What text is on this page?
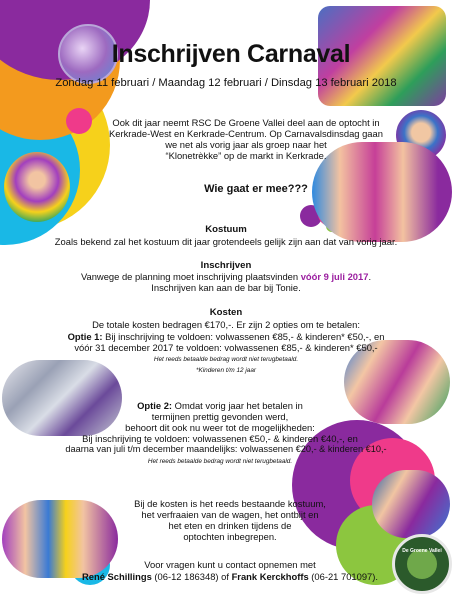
De Groene Vallei
Inschrijven Carnaval
Zondag 11 februari / Maandag 12 februari / Dinsdag 13 februari 2018
Ook dit jaar neemt RSC De Groene Vallei deel aan de optocht in
Kerkrade-West en Kerkrade-Centrum. Op Carnavalsdinsdag gaan
we net als vorig jaar als groep naar het
“Klonetrèkke” op de markt in Kerkrade.
Wie gaat er mee???
Kostuum
Zoals bekend zal het kostuum dit jaar grotendeels gelijk zijn aan dat van vorig jaar.
Inschrijven
Vanwege de planning moet inschrijving plaatsvinden vóór 9 juli 2017.
Inschrijven kan aan de bar bij Tonie.
Kosten
De totale kosten bedragen €170,-. Er zijn 2 opties om te betalen:
Optie 1: Bij inschrijving te voldoen: volwassenen €85,- & kinderen* €50,-, en
vóór 31 december 2017 te voldoen: volwassenen €85,- & kinderen* €50,-
Het reeds betaalde bedrag wordt niet terugbetaald.
*Kinderen t/m 12 jaar
Optie 2: Omdat vorig jaar het betalen in
termijnen prettig gevonden werd,
behoort dit ook nu weer tot de mogelijkheden:
Bij inschrijving te voldoen: volwassenen €50,- & kinderen €40,-, en
daarna van juli t/m december maandelijks: volwassenen €20,- & kinderen €10,-
Het reeds betaalde bedrag wordt niet terugbetaald.
Bij de kosten is het reeds bestaande kostuum,
het verfraaien van de wagen, het ontbijt en
het eten en drinken tijdens de
optochten inbegrepen.
Voor vragen kunt u contact opnemen met
René Schillings (06-12 186348) of Frank Kerckhoffs (06-21 701097).
